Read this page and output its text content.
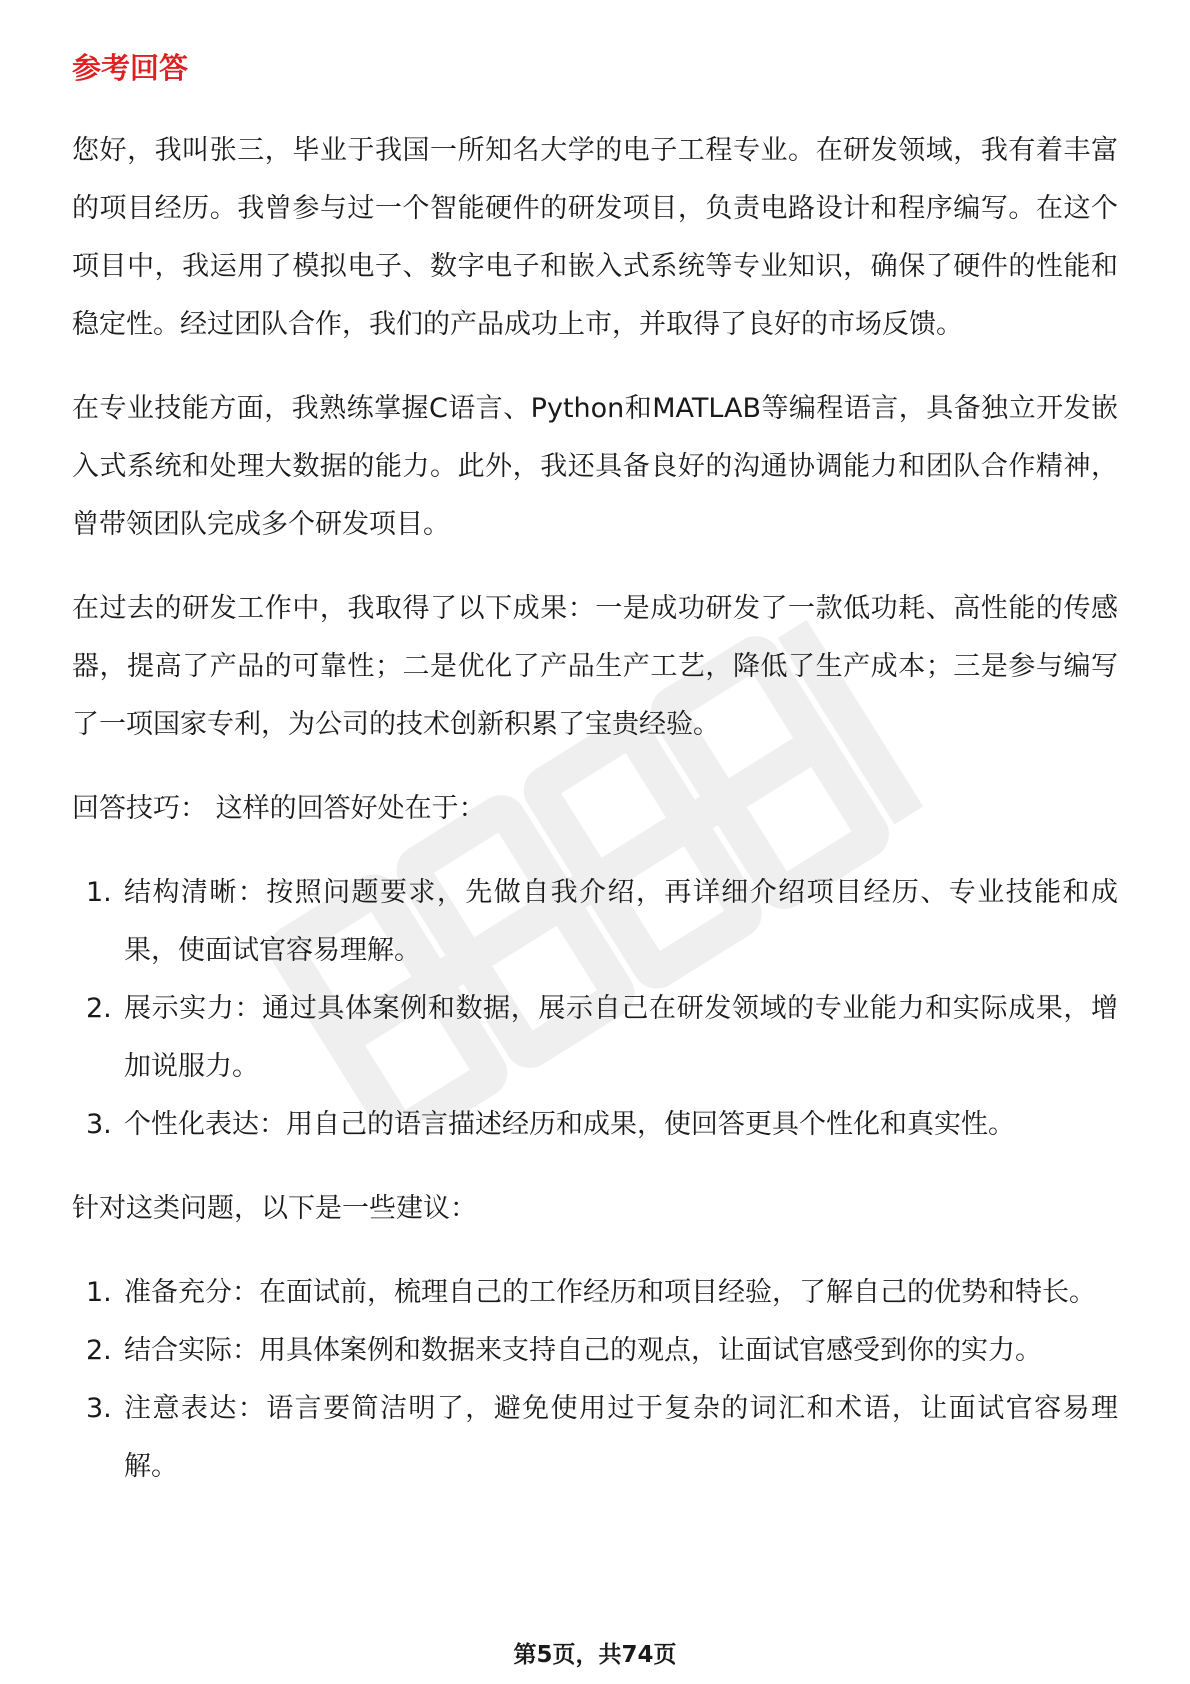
参考回答

您好，我叫张三，毕业于我国一所知名大学的电子工程专业。在研发领域，我有着丰富的项目经历。我曾参与过一个智能硬件的研发项目，负责电路设计和程序编写。在这个项目中，我运用了模拟电子、数字电子和嵌入式系统等专业知识，确保了硬件的性能和稳定性。经过团队合作，我们的产品成功上市，并取得了良好的市场反馈。

在专业技能方面，我熟练掌握C语言、Python和MATLAB等编程语言，具备独立开发嵌入式系统和处理大数据的能力。此外，我还具备良好的沟通协调能力和团队合作精神，曾带领团队完成多个研发项目。

在过去的研发工作中，我取得了以下成果：一是成功研发了一款低功耗、高性能的传感器，提高了产品的可靠性；二是优化了产品生产工艺，降低了生产成本；三是参与编写了一项国家专利，为公司的技术创新积累了宝贵经验。

回答技巧： 这样的回答好处在于：

1. 结构清晰：按照问题要求，先做自我介绍，再详细介绍项目经历、专业技能和成果，使面试官容易理解。
2. 展示实力：通过具体案例和数据，展示自己在研发领域的专业能力和实际成果，增加说服力。
3. 个性化表达：用自己的语言描述经历和成果，使回答更具个性化和真实性。

针对这类问题，以下是一些建议：

1. 准备充分：在面试前，梳理自己的工作经历和项目经验，了解自己的优势和特长。
2. 结合实际：用具体案例和数据来支持自己的观点，让面试官感受到你的实力。
3. 注意表达：语言要简洁明了，避免使用过于复杂的词汇和术语，让面试官容易理解。
第5页，共74页
